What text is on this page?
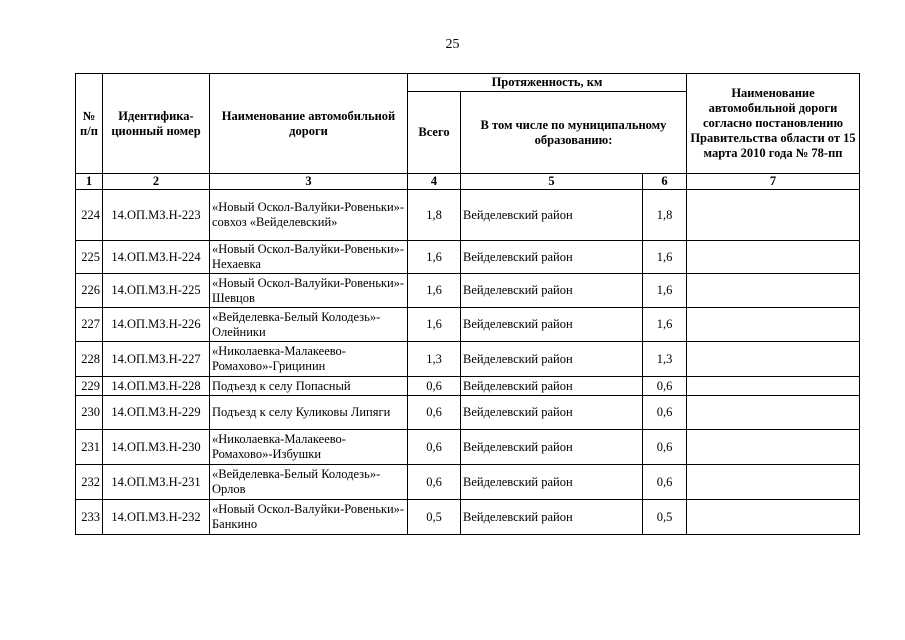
25
№ п/п	Идентифика-ционный номер	Наименование автомобильной дороги	Протяженность, км			Наименование автомобильной дороги согласно постановлению Правительства области от 15 марта 2010 года № 78-пп
			Всего	В том числе по муниципальному образованию:		
1	2	3	4	5	6	7
224	14.ОП.МЗ.Н-223	«Новый Оскол-Валуйки-Ровеньки»-совхоз «Вейделевский»	1,8	Вейделевский район	1,8	
225	14.ОП.МЗ.Н-224	«Новый Оскол-Валуйки-Ровеньки»-Нехаевка	1,6	Вейделевский район	1,6	
226	14.ОП.МЗ.Н-225	«Новый Оскол-Валуйки-Ровеньки»-Шевцов	1,6	Вейделевский район	1,6	
227	14.ОП.МЗ.Н-226	«Вейделевка-Белый Колодезь»-Олейники	1,6	Вейделевский район	1,6	
228	14.ОП.МЗ.Н-227	«Николаевка-Малакеево-Ромахово»-Грицинин	1,3	Вейделевский район	1,3	
229	14.ОП.МЗ.Н-228	Подъезд к селу Попасный	0,6	Вейделевский район	0,6	
230	14.ОП.МЗ.Н-229	Подъезд к селу Куликовы Липяги	0,6	Вейделевский район	0,6	
231	14.ОП.МЗ.Н-230	«Николаевка-Малакеево-Ромахово»-Избушки	0,6	Вейделевский район	0,6	
232	14.ОП.МЗ.Н-231	«Вейделевка-Белый Колодезь»-Орлов	0,6	Вейделевский район	0,6	
233	14.ОП.МЗ.Н-232	«Новый Оскол-Валуйки-Ровеньки»-Банкино	0,5	Вейделевский район	0,5	
